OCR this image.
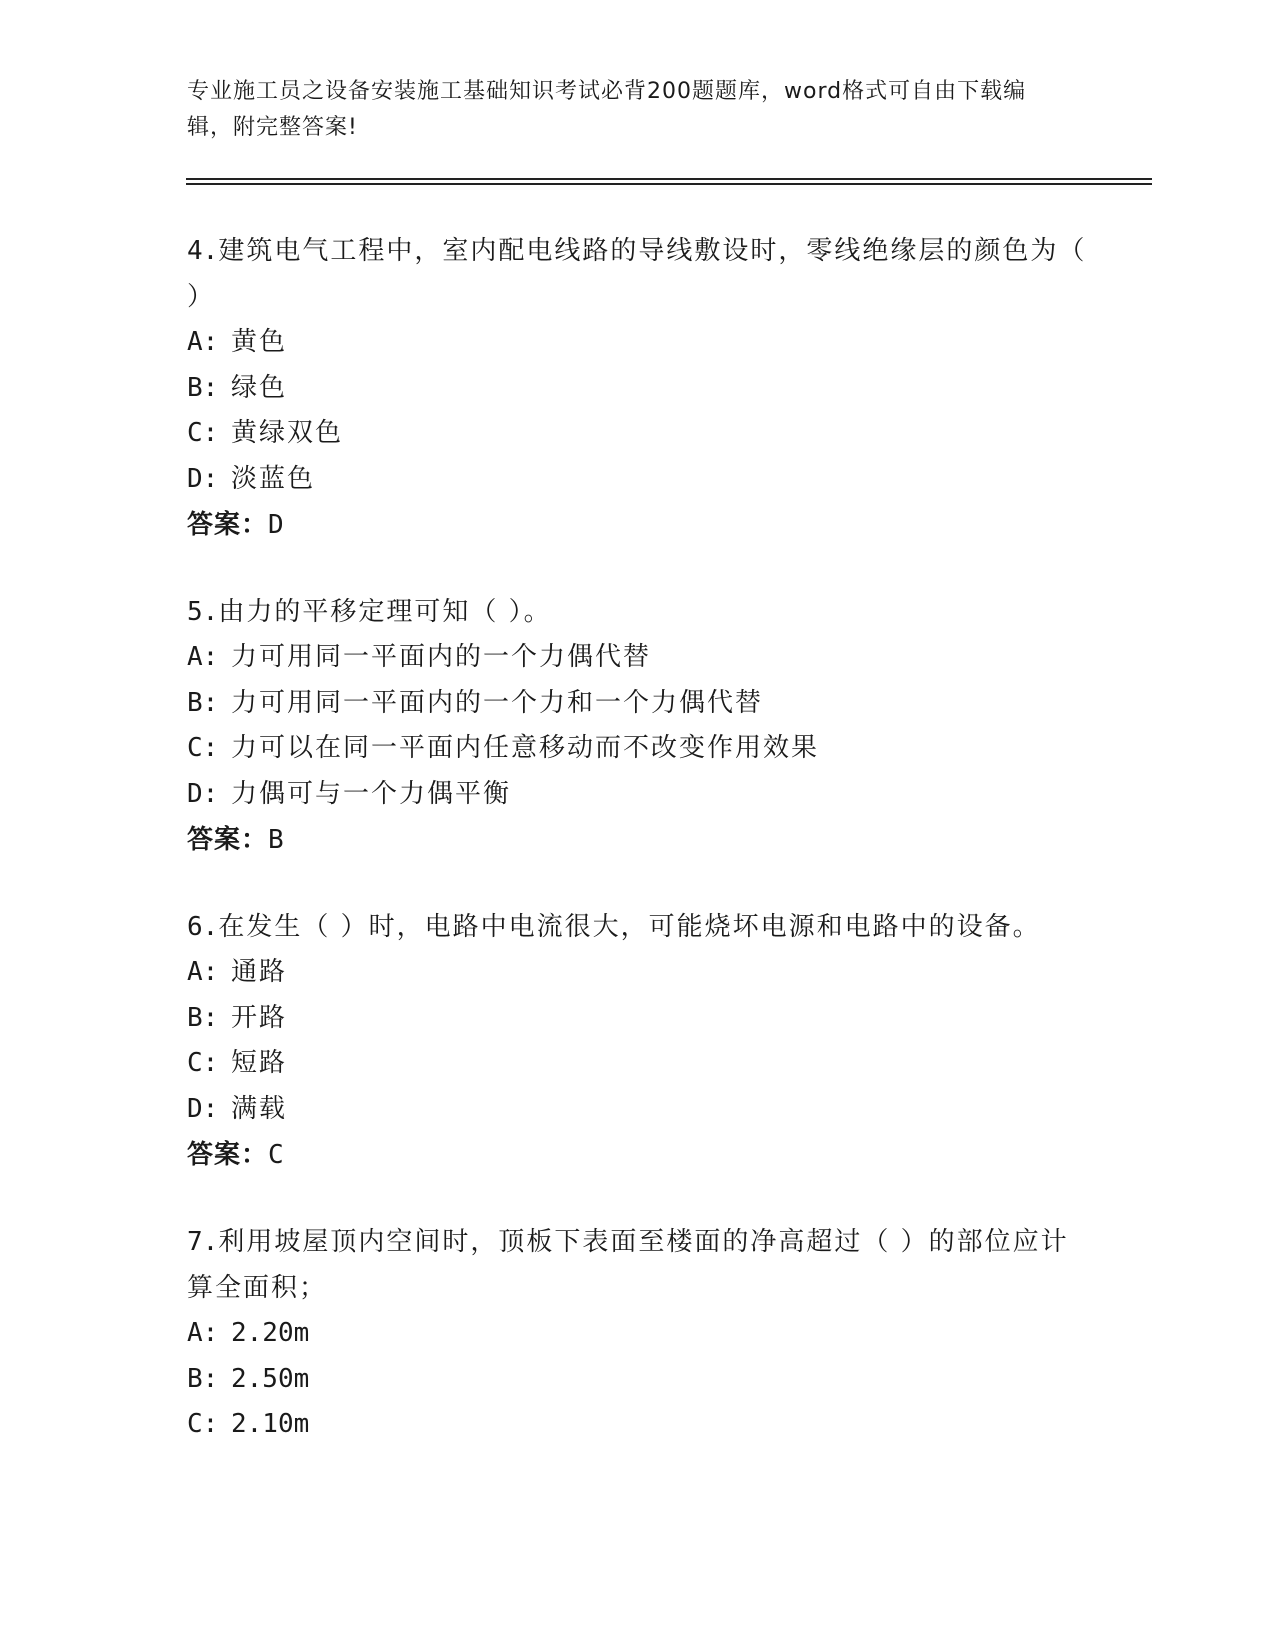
专业施工员之设备安装施工基础知识考试必背200题题库，word格式可自由下载编辑，附完整答案!

4.建筑电气工程中，室内配电线路的导线敷设时，零线绝缘层的颜色为（ ）

A: 黄色
B: 绿色
C: 黄绿双色
D: 淡蓝色
答案：D

5.由力的平移定理可知（ ）。

A: 力可用同一平面内的一个力偶代替
B: 力可用同一平面内的一个力和一个力偶代替
C: 力可以在同一平面内任意移动而不改变作用效果
D: 力偶可与一个力偶平衡
答案：B

6.在发生（ ）时，电路中电流很大，可能烧坏电源和电路中的设备。

A: 通路
B: 开路
C: 短路
D: 满载
答案：C

7.利用坡屋顶内空间时，顶板下表面至楼面的净高超过（ ）的部位应计算全面积；

A: 2.20m
B: 2.50m
C: 2.10m
